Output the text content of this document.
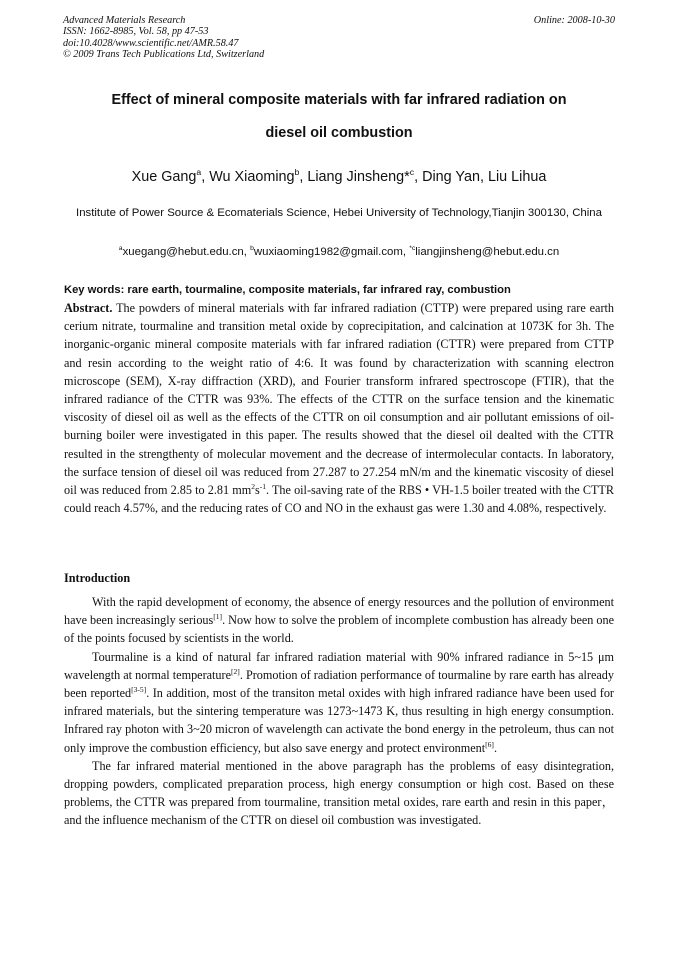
Advanced Materials Research
ISSN: 1662-8985, Vol. 58, pp 47-53
doi:10.4028/www.scientific.net/AMR.58.47
© 2009 Trans Tech Publications Ltd, Switzerland
Online: 2008-10-30
Effect of mineral composite materials with far infrared radiation on
diesel oil combustion
Xue Gang$^a$, Wu Xiaoming$^b$, Liang Jinsheng*$^c$, Ding Yan, Liu Lihua
Institute of Power Source & Ecomaterials Science, Hebei University of Technology,Tianjin 300130, China
$^a$xuegang@hebut.edu.cn, $^b$wuxiaoming1982@gmail.com, $^{*c}$liangjinsheng@hebut.edu.cn
Key words: rare earth, tourmaline, composite materials, far infrared ray, combustion
Abstract. The powders of mineral materials with far infrared radiation (CTTP) were prepared using rare earth cerium nitrate, tourmaline and transition metal oxide by coprecipitation, and calcination at 1073K for 3h. The inorganic-organic mineral composite materials with far infrared radiation (CTTR) were prepared from CTTP and resin according to the weight ratio of 4:6. It was found by characterization with scanning electron microscope (SEM), X-ray diffraction (XRD), and Fourier transform infrared spectroscope (FTIR), that the infrared radiance of the CTTR was 93%. The effects of the CTTR on the surface tension and the kinematic viscosity of diesel oil as well as the effects of the CTTR on oil consumption and air pollutant emissions of oil-burning boiler were investigated in this paper. The results showed that the diesel oil dealted with the CTTR resulted in the strengthenty of molecular movement and the decrease of intermolecular contacts. In laboratory, the surface tension of diesel oil was reduced from 27.287 to 27.254 mN/m and the kinematic viscosity of diesel oil was reduced from 2.85 to 2.81 $mm^2s^{-1}$. The oil-saving rate of the RBS • VH-1.5 boiler treated with the CTTR could reach 4.57%, and the reducing rates of CO and NO in the exhaust gas were 1.30 and 4.08%, respectively.
Introduction

With the rapid development of economy, the absence of energy resources and the pollution of environment have been increasingly serious[1]. Now how to solve the problem of incomplete combustion has already been one of the points focused by scientists in the world.

Tourmaline is a kind of natural far infrared radiation material with 90% infrared radiance in 5~15 μm wavelength at normal temperature[2]. Promotion of radiation performance of tourmaline by rare earth has already been reported[3-5]. In addition, most of the transiton metal oxides with high infrared radiance have been used for infrared materials, but the sintering temperature was 1273~1473 K, thus resulting in high energy consumption. Infrared ray photon with 3~20 micron of wavelength can activate the bond energy in the petroleum, thus can not only improve the combustion efficiency, but also save energy and protect environment[6].

The far infrared material mentioned in the above paragraph has the problems of easy disintegration, dropping powders, complicated preparation process, high energy consumption or high cost. Based on these problems, the CTTR was prepared from tourmaline, transition metal oxides, rare earth and resin in this paper， and the influence mechanism of the CTTR on diesel oil combustion was investigated.
